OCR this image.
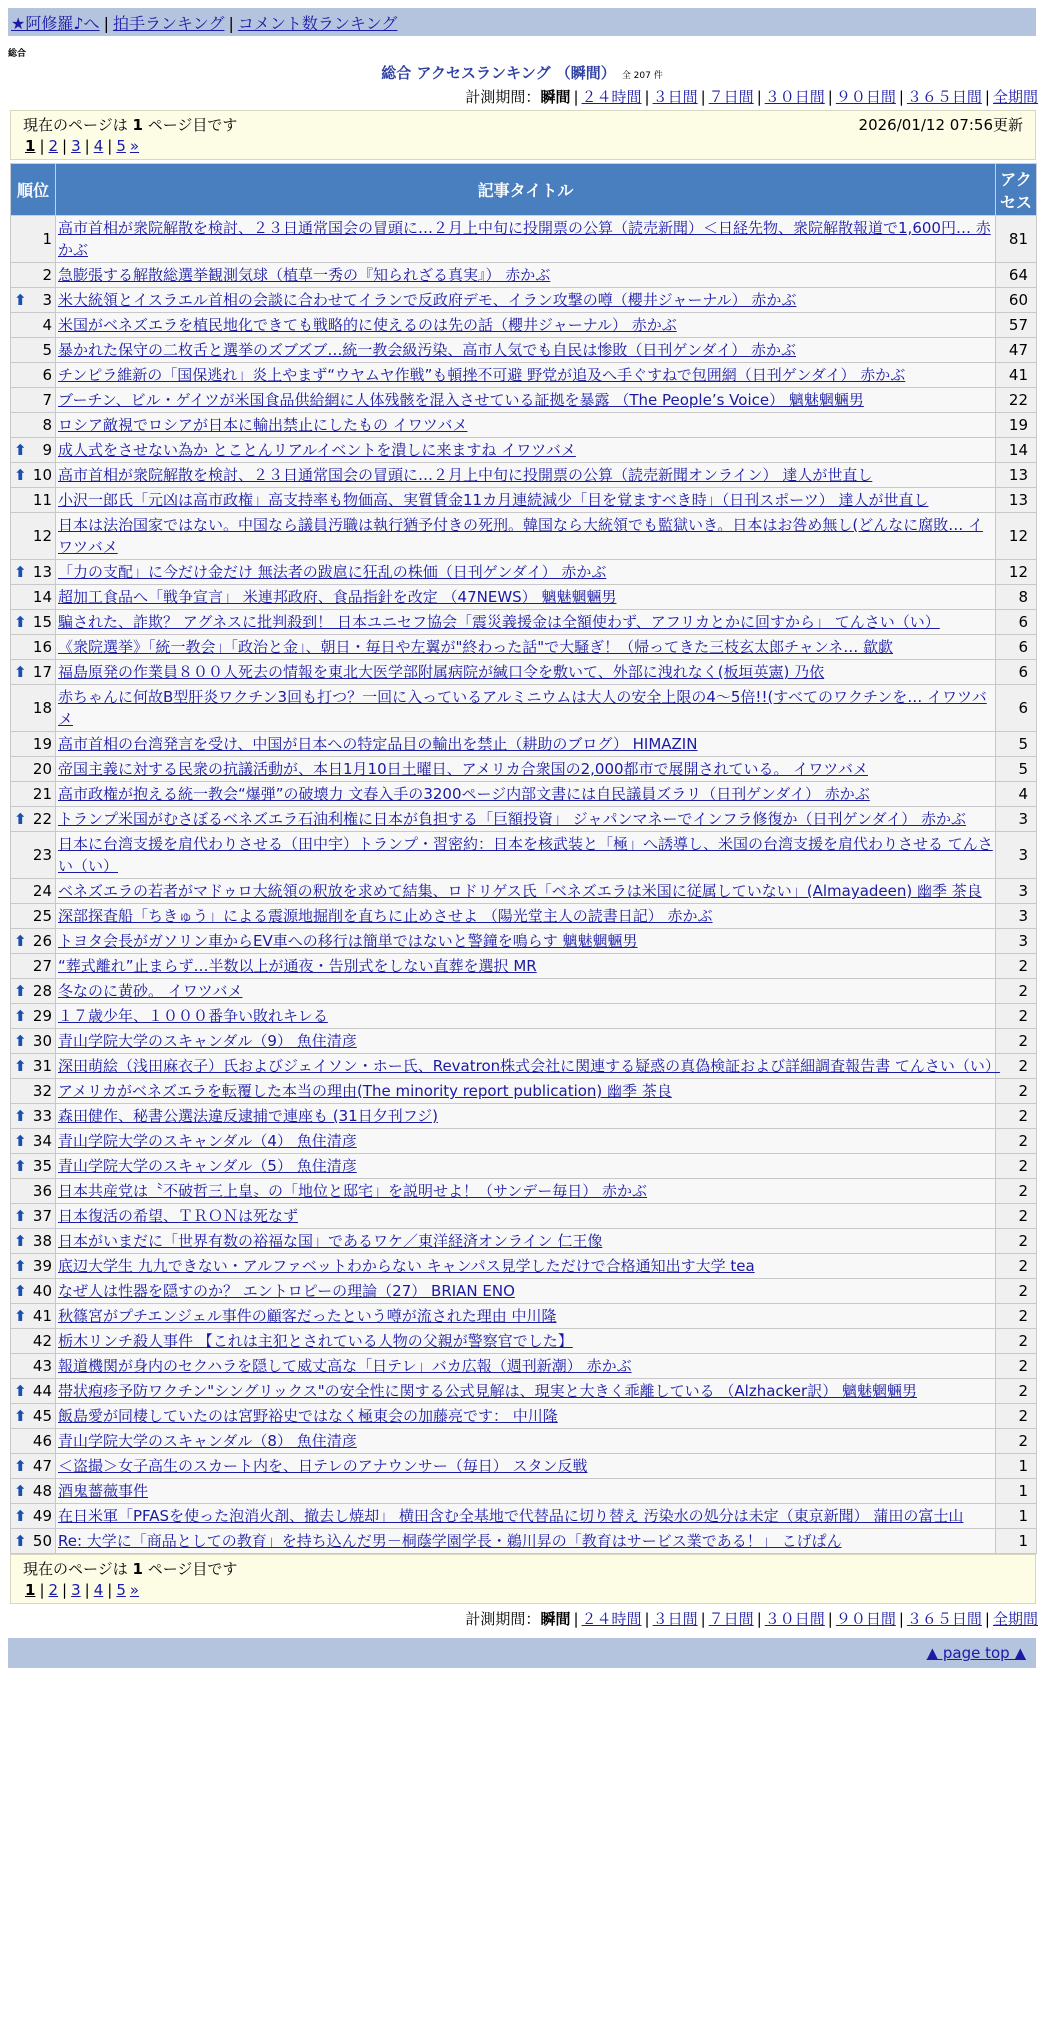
★阿修羅♪へ | 拍手ランキング | コメント数ランキング
総合
総合 アクセスランキング （瞬間） 全 207 件
計測期間：瞬間 | ２４時間 | ３日間 | ７日間 | ３０日間 | ９０日間 | ３６５日間 | 全期間
現在のページは 1 ページ目です	2026/01/12 07:56更新
1 | 2 | 3 | 4 | 5 »
順位	記事タイトル	アクセス
1	高市首相が衆院解散を検討、２３日通常国会の冒頭に…２月上中旬に投開票の公算（読売新聞）＜日経先物、衆院解散報道で1,600円… 赤かぶ	81
2	急膨張する解散総選挙観測気球（植草一秀の『知られざる真実』） 赤かぶ	64

⬆ 3	米大統領とイスラエル首相の会談に合わせてイランで反政府デモ、イラン攻撃の噂（櫻井ジャーナル） 赤かぶ	60
4	米国がベネズエラを植民地化できても戦略的に使えるのは先の話（櫻井ジャーナル） 赤かぶ	57
5	暴かれた保守の二枚舌と選挙のズブズブ…統一教会級汚染、高市人気でも自民は惨敗（日刊ゲンダイ） 赤かぶ	47
6	チンピラ維新の「国保逃れ」炎上やまず“ウヤムヤ作戦”も頓挫不可避 野党が追及へ手ぐすねで包囲網（日刊ゲンダイ） 赤かぶ	41
7	ブーチン、ビル・ゲイツが米国食品供給網に人体残骸を混入させている証拠を暴露 （The People’s Voice） 魑魅魍魎男	22
8	ロシア敵視でロシアが日本に輸出禁止にしたもの イワツバメ	19

⬆ 9	成人式をさせない為か とことんリアルイベントを潰しに来ますね イワツバメ	14

⬆ 10	高市首相が衆院解散を検討、２３日通常国会の冒頭に…２月上中旬に投開票の公算（読売新聞オンライン） 達人が世直し	13
11	小沢一郎氏「元凶は高市政権」高支持率も物価高、実質賃金11カ月連続減少「目を覚ますべき時」（日刊スポーツ） 達人が世直し	13
12	日本は法治国家ではない。中国なら議員汚職は執行猶予付きの死刑。韓国なら大統領でも監獄いき。日本はお咎め無し(どんなに腐敗… イワツバメ	12

⬆ 13	「力の支配」に今だけ金だけ 無法者の跋扈に狂乱の株価（日刊ゲンダイ） 赤かぶ	12
14	超加工食品へ「戦争宣言」 米連邦政府、食品指針を改定 （47NEWS） 魑魅魍魎男	8

⬆ 15	騙された、詐欺？ アグネスに批判殺到！ 日本ユニセフ協会「震災義援金は全額使わず、アフリカとかに回すから」 てんさい（い）	6
16	《衆院選挙》「統一教会」「政治と金」、朝日・毎日や左翼が"終わった話"で大騒ぎ！（帰ってきた三枝玄太郎チャンネ… 歙歔	6

⬆ 17	福島原発の作業員８００人死去の情報を東北大医学部附属病院が緘口令を敷いて、外部に洩れなく(板垣英憲) 乃依	6
18	赤ちゃんに何故B型肝炎ワクチン3回も打つ？一回に入っているアルミニウムは大人の安全上限の4～5倍!!(すべてのワクチンを… イワツバメ	6
19	高市首相の台湾発言を受け、中国が日本への特定品目の輸出を禁止（耕助のブログ） HIMAZIN	5
20	帝国主義に対する民衆の抗議活動が、本日1月10日土曜日、アメリカ合衆国の2,000都市で展開されている。 イワツバメ	5
21	高市政権が抱える統一教会“爆弾”の破壊力 文春入手の3200ページ内部文書には自民議員ズラリ（日刊ゲンダイ） 赤かぶ	4

⬆ 22	トランプ米国がむさぼるベネズエラ石油利権に日本が負担する「巨額投資」 ジャパンマネーでインフラ修復か（日刊ゲンダイ） 赤かぶ	3
23	日本に台湾支援を肩代わりさせる（田中宇）トランプ・習密約：日本を核武装と「極」へ誘導し、米国の台湾支援を肩代わりさせる てんさい（い）	3
24	ベネズエラの若者がマドゥロ大統領の釈放を求めて結集、ロドリゲス氏「ベネズエラは米国に従属していない」(Almayadeen) 幽季 茶良	3
25	深部探査船「ちきゅう」による震源地掘削を直ちに止めさせよ （陽光堂主人の読書日記） 赤かぶ	3

⬆ 26	トヨタ会長がガソリン車からEV車への移行は簡単ではないと警鐘を鳴らす 魑魅魍魎男	3
27	“葬式離れ”止まらず…半数以上が通夜・告別式をしない直葬を選択 MR	2

⬆ 28	冬なのに黄砂。 イワツバメ	2

⬆ 29	１７歳少年、１０００番争い敗れキレる	2

⬆ 30	青山学院大学のスキャンダル（9） 魚住清彦	2

⬆ 31	深田萌絵（浅田麻衣子）氏およびジェイソン・ホー氏、Revatron株式会社に関連する疑惑の真偽検証および詳細調査報告書 てんさい（い）	2
32	アメリカがベネズエラを転覆した本当の理由(The minority report publication) 幽季 茶良	2

⬆ 33	森田健作、秘書公選法違反逮捕で連座も (31日夕刊フジ)	2

⬆ 34	青山学院大学のスキャンダル（4） 魚住清彦	2

⬆ 35	青山学院大学のスキャンダル（5） 魚住清彦	2
36	日本共産党は〝不破哲三上皇〟の「地位と邸宅」を説明せよ！（サンデー毎日） 赤かぶ	2

⬆ 37	日本復活の希望、ＴＲＯＮは死なず	2

⬆ 38	日本がいまだに「世界有数の裕福な国」であるワケ／東洋経済オンライン 仁王像	2

⬆ 39	底辺大学生 九九できない・アルファベットわからない キャンパス見学しただけで合格通知出す大学 tea	2

⬆ 40	なぜ人は性器を隠すのか？ エントロピーの理論（27） BRIAN ENO	2

⬆ 41	秋篠宮がプチエンジェル事件の顧客だったという噂が流された理由 中川隆	2
42	栃木リンチ殺人事件 【これは主犯とされている人物の父親が警察官でした】	2
43	報道機関が身内のセクハラを隠して威丈高な「日テレ」バカ広報（週刊新潮） 赤かぶ	2

⬆ 44	帯状疱疹予防ワクチン"シングリックス"の安全性に関する公式見解は、現実と大きく乖離している （Alzhacker訳） 魑魅魍魎男	2

⬆ 45	飯島愛が同棲していたのは宮野裕史ではなく極東会の加藤亮です： 中川隆	2
46	青山学院大学のスキャンダル（8） 魚住清彦	2

⬆ 47	＜盗撮＞女子高生のスカート内を、日テレのアナウンサー（毎日） スタン反戦	1

⬆ 48	酒鬼薔薇事件	1

⬆ 49	在日米軍「PFASを使った泡消火剤、撤去し焼却」 横田含む全基地で代替品に切り替え 汚染水の処分は未定（東京新聞） 蒲田の富士山	1

⬆ 50	Re: 大学に「商品としての教育」を持ち込んだ男－桐蔭学園学長・鵜川昇の「教育はサービス業である！」 こげぱん	1
現在のページは 1 ページ目です
1 | 2 | 3 | 4 | 5 »
計測期間：瞬間 | ２４時間 | ３日間 | ７日間 | ３０日間 | ９０日間 | ３６５日間 | 全期間
▲ page top ▲
